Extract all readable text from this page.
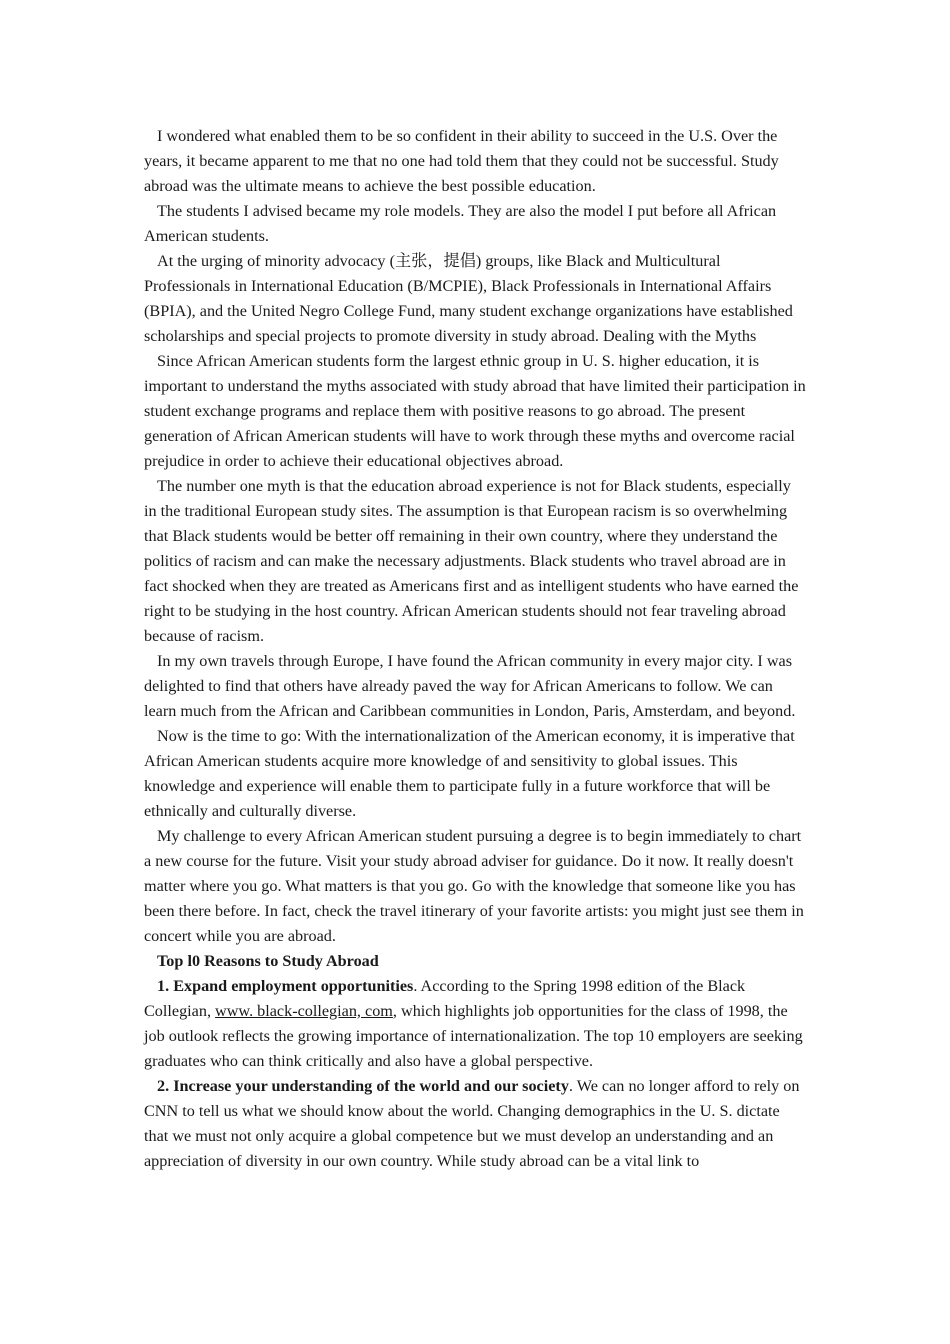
I wondered what enabled them to be so confident in their ability to succeed in the U.S. Over the years, it became apparent to me that no one had told them that they could not be successful. Study abroad was the ultimate means to achieve the best possible education.

The students I advised became my role models. They are also the model I put before all African American students.

At the urging of minority advocacy (主张，提倡) groups, like Black and Multicultural Professionals in International Education (B/MCPIE), Black Professionals in International Affairs (BPIA), and the United Negro College Fund, many student exchange organizations have established scholarships and special projects to promote diversity in study abroad. Dealing with the Myths

Since African American students form the largest ethnic group in U. S. higher education, it is important to understand the myths associated with study abroad that have limited their participation in student exchange programs and replace them with positive reasons to go abroad. The present generation of African American students will have to work through these myths and overcome racial prejudice in order to achieve their educational objectives abroad.

The number one myth is that the education abroad experience is not for Black students, especially in the traditional European study sites. The assumption is that European racism is so overwhelming that Black students would be better off remaining in their own country, where they understand the politics of racism and can make the necessary adjustments. Black students who travel abroad are in fact shocked when they are treated as Americans first and as intelligent students who have earned the right to be studying in the host country. African American students should not fear traveling abroad because of racism.

In my own travels through Europe, I have found the African community in every major city. I was delighted to find that others have already paved the way for African Americans to follow. We can learn much from the African and Caribbean communities in London, Paris, Amsterdam, and beyond.

Now is the time to go: With the internationalization of the American economy, it is imperative that African American students acquire more knowledge of and sensitivity to global issues. This knowledge and experience will enable them to participate fully in a future workforce that will be ethnically and culturally diverse.

My challenge to every African American student pursuing a degree is to begin immediately to chart a new course for the future. Visit your study abroad adviser for guidance. Do it now. It really doesn't matter where you go. What matters is that you go. Go with the knowledge that someone like you has been there before. In fact, check the travel itinerary of your favorite artists: you might just see them in concert while you are abroad.

Top l0 Reasons to Study Abroad

1. Expand employment opportunities. According to the Spring 1998 edition of the Black Collegian, www. black-collegian, com, which highlights job opportunities for the class of 1998, the job outlook reflects the growing importance of internationalization. The top 10 employers are seeking graduates who can think critically and also have a global perspective.

2. Increase your understanding of the world and our society. We can no longer afford to rely on CNN to tell us what we should know about the world. Changing demographics in the U. S. dictate that we must not only acquire a global competence but we must develop an understanding and an appreciation of diversity in our own country. While study abroad can be a vital link to
